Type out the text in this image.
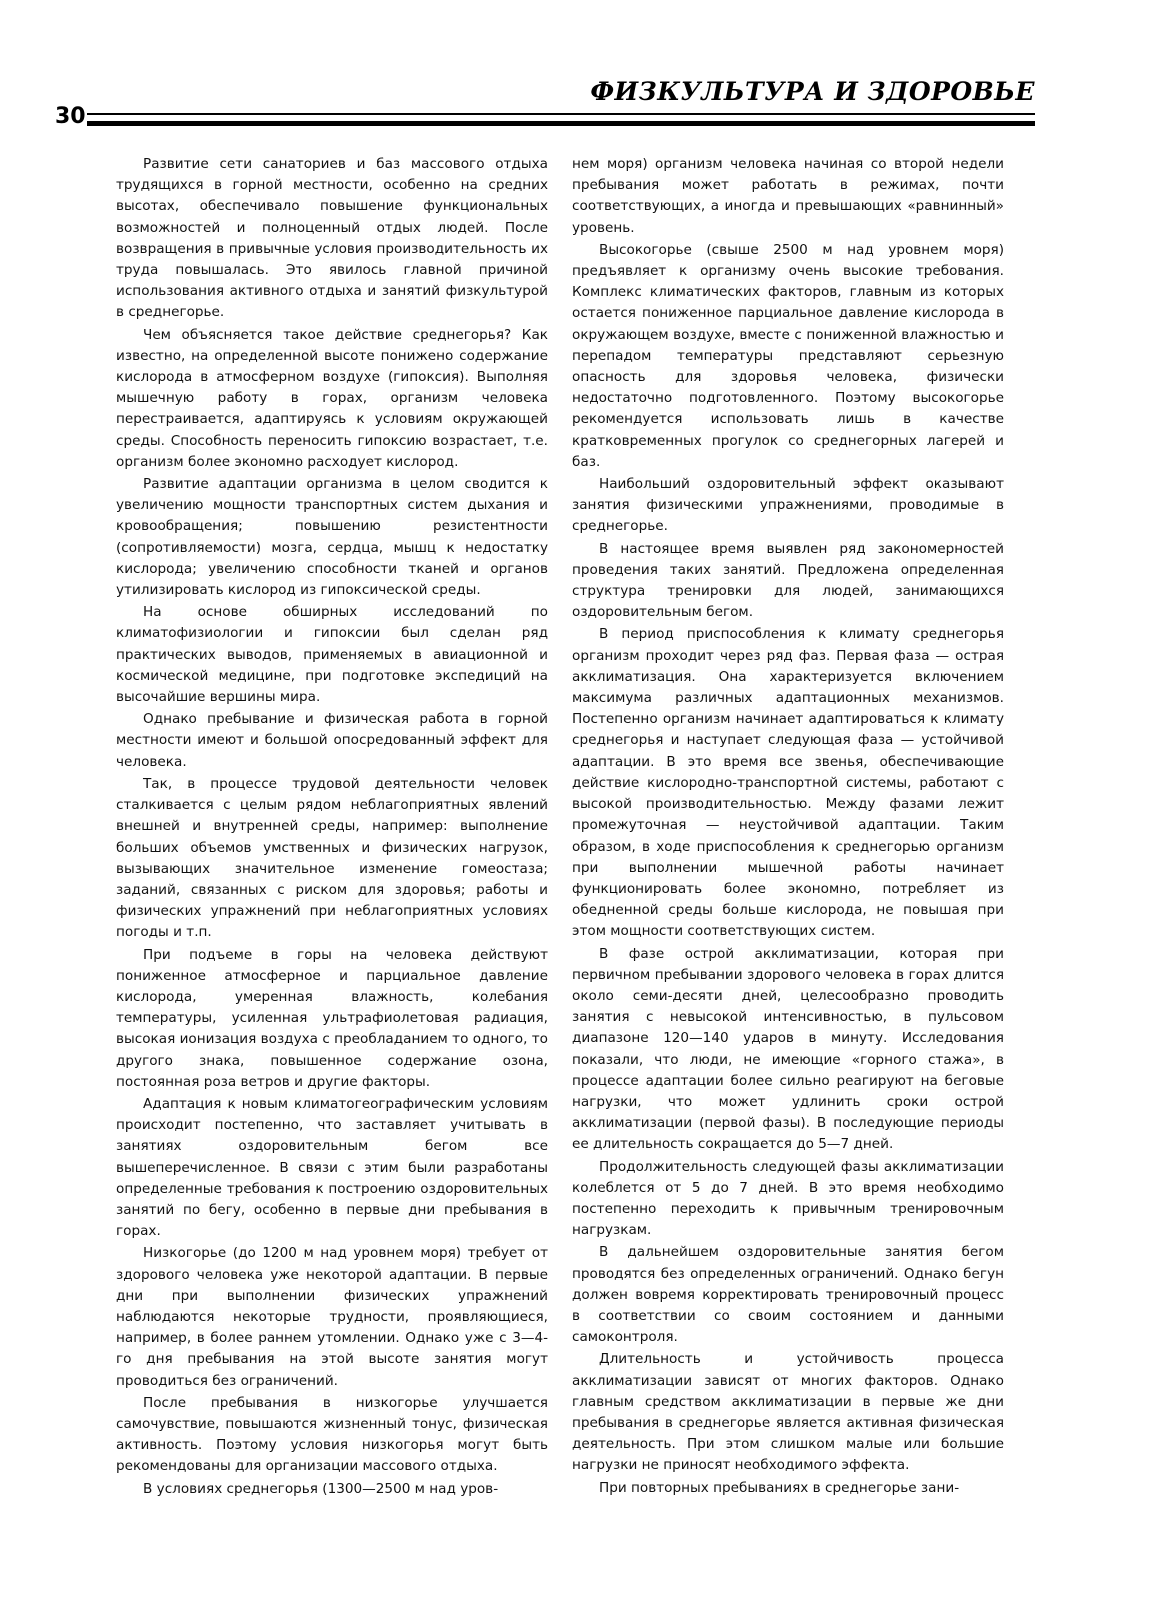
30
ФИЗКУЛЬТУРА И ЗДОРОВЬЕ

Развитие сети санаториев и баз массового отдыха трудящихся в горной местности, особенно на средних высотах, обеспечивало повышение функциональных возможностей и полноценный отдых людей. После возвращения в привычные условия производительность их труда повышалась. Это явилось главной причиной использования активного отдыха и занятий физкультурой в среднегорье.

Чем объясняется такое действие среднегорья? Как известно, на определенной высоте понижено содержание кислорода в атмосферном воздухе (гипоксия). Выполняя мышечную работу в горах, организм человека перестраивается, адаптируясь к условиям окружающей среды. Способность переносить гипоксию возрастает, т.е. организм более экономно расходует кислород.

Развитие адаптации организма в целом сводится к увеличению мощности транспортных систем дыхания и кровообращения; повышению резистентности (сопротивляемости) мозга, сердца, мышц к недостатку кислорода; увеличению способности тканей и органов утилизировать кислород из гипоксической среды.

На основе обширных исследований по климатофизиологии и гипоксии был сделан ряд практических выводов, применяемых в авиационной и космической медицине, при подготовке экспедиций на высочайшие вершины мира.

Однако пребывание и физическая работа в горной местности имеют и большой опосредованный эффект для человека.

Так, в процессе трудовой деятельности человек сталкивается с целым рядом неблагоприятных явлений внешней и внутренней среды, например: выполнение больших объемов умственных и физических нагрузок, вызывающих значительное изменение гомеостаза; заданий, связанных с риском для здоровья; работы и физических упражнений при неблагоприятных условиях погоды и т.п.

При подъеме в горы на человека действуют пониженное атмосферное и парциальное давление кислорода, умеренная влажность, колебания температуры, усиленная ультрафиолетовая радиация, высокая ионизация воздуха с преобладанием то одного, то другого знака, повышенное содержание озона, постоянная роза ветров и другие факторы.

Адаптация к новым климатогеографическим условиям происходит постепенно, что заставляет учитывать в занятиях оздоровительным бегом все вышеперечисленное. В связи с этим были разработаны определенные требования к построению оздоровительных занятий по бегу, особенно в первые дни пребывания в горах.

Низкогорье (до 1200 м над уровнем моря) требует от здорового человека уже некоторой адаптации. В первые дни при выполнении физических упражнений наблюдаются некоторые трудности, проявляющиеся, например, в более раннем утомлении. Однако уже с 3—4-го дня пребывания на этой высоте занятия могут проводиться без ограничений.

После пребывания в низкогорье улучшается самочувствие, повышаются жизненный тонус, физическая активность. Поэтому условия низкогорья могут быть рекомендованы для организации массового отдыха.

В условиях среднегорья (1300—2500 м над уров-

нем моря) организм человека начиная со второй недели пребывания может работать в режимах, почти соответствующих, а иногда и превышающих «равнинный» уровень.

Высокогорье (свыше 2500 м над уровнем моря) предъявляет к организму очень высокие требования. Комплекс климатических факторов, главным из которых остается пониженное парциальное давление кислорода в окружающем воздухе, вместе с пониженной влажностью и перепадом температуры представляют серьезную опасность для здоровья человека, физически недостаточно подготовленного. Поэтому высокогорье рекомендуется использовать лишь в качестве кратковременных прогулок со среднегорных лагерей и баз.

Наибольший оздоровительный эффект оказывают занятия физическими упражнениями, проводимые в среднегорье.

В настоящее время выявлен ряд закономерностей проведения таких занятий. Предложена определенная структура тренировки для людей, занимающихся оздоровительным бегом.

В период приспособления к климату среднегорья организм проходит через ряд фаз. Первая фаза — острая акклиматизация. Она характеризуется включением максимума различных адаптационных механизмов. Постепенно организм начинает адаптироваться к климату среднегорья и наступает следующая фаза — устойчивой адаптации. В это время все звенья, обеспечивающие действие кислородно-транспортной системы, работают с высокой производительностью. Между фазами лежит промежуточная — неустойчивой адаптации. Таким образом, в ходе приспособления к среднегорью организм при выполнении мышечной работы начинает функционировать более экономно, потребляет из обедненной среды больше кислорода, не повышая при этом мощности соответствующих систем.

В фазе острой акклиматизации, которая при первичном пребывании здорового человека в горах длится около семи-десяти дней, целесообразно проводить занятия с невысокой интенсивностью, в пульсовом диапазоне 120—140 ударов в минуту. Исследования показали, что люди, не имеющие «горного стажа», в процессе адаптации более сильно реагируют на беговые нагрузки, что может удлинить сроки острой акклиматизации (первой фазы). В последующие периоды ее длительность сокращается до 5—7 дней.

Продолжительность следующей фазы акклиматизации колеблется от 5 до 7 дней. В это время необходимо постепенно переходить к привычным тренировочным нагрузкам.

В дальнейшем оздоровительные занятия бегом проводятся без определенных ограничений. Однако бегун должен вовремя корректировать тренировочный процесс в соответствии со своим состоянием и данными самоконтроля.

Длительность и устойчивость процесса акклиматизации зависят от многих факторов. Однако главным средством акклиматизации в первые же дни пребывания в среднегорье является активная физическая деятельность. При этом слишком малые или большие нагрузки не приносят необходимого эффекта.

При повторных пребываниях в среднегорье зани-
